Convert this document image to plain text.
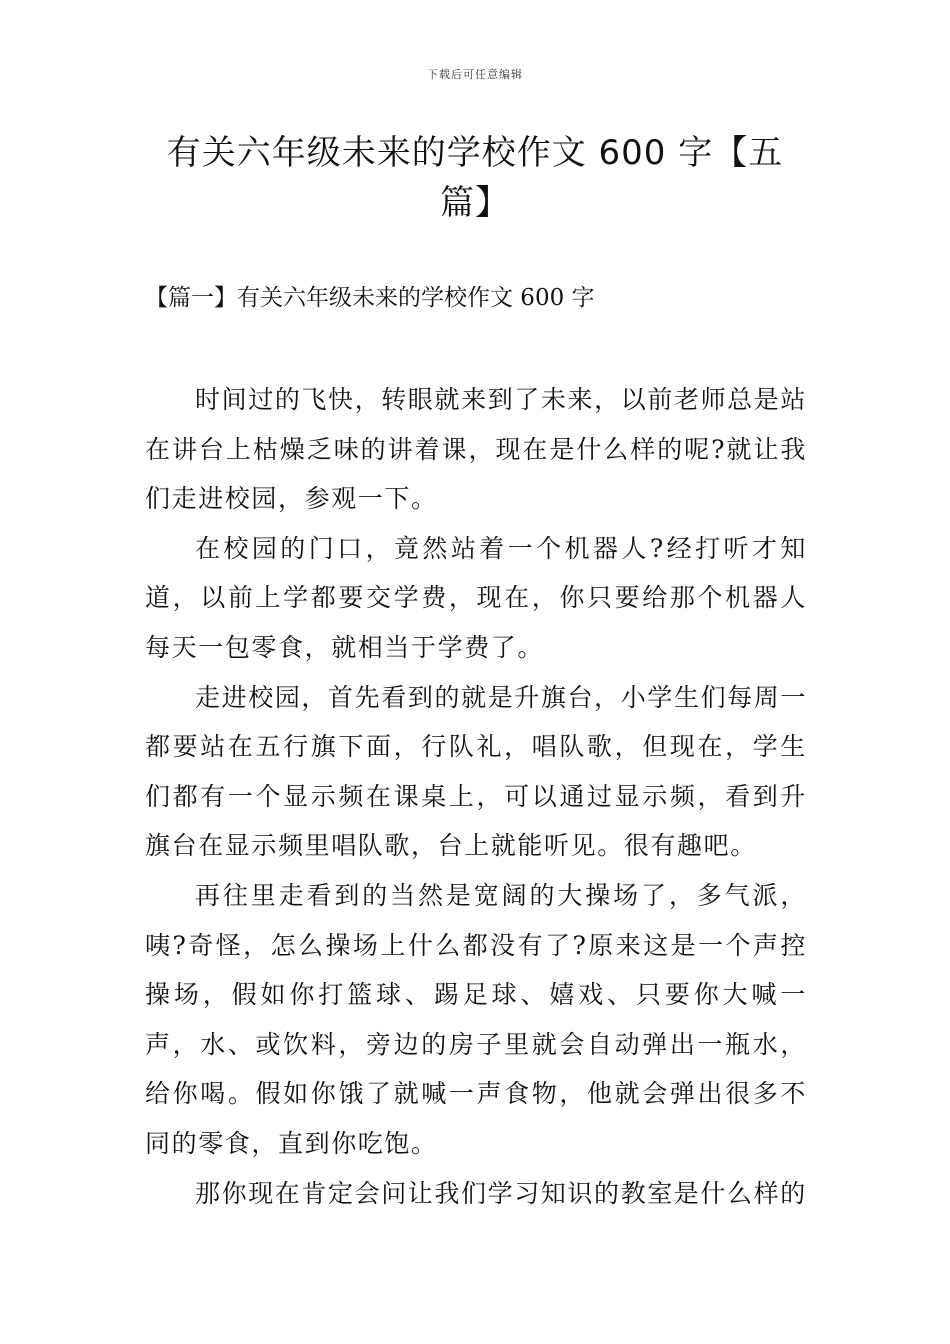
下载后可任意编辑
有关六年级未来的学校作文 600 字【五篇】
【篇一】有关六年级未来的学校作文 600 字

时间过的飞快，转眼就来到了未来，以前老师总是站在讲台上枯燥乏味的讲着课，现在是什么样的呢?就让我们走进校园，参观一下。

在校园的门口，竟然站着一个机器人?经打听才知道，以前上学都要交学费，现在，你只要给那个机器人每天一包零食，就相当于学费了。

走进校园，首先看到的就是升旗台，小学生们每周一都要站在五行旗下面，行队礼，唱队歌，但现在，学生们都有一个显示频在课桌上，可以通过显示频，看到升旗台在显示频里唱队歌，台上就能听见。很有趣吧。

再往里走看到的当然是宽阔的大操场了，多气派，咦?奇怪，怎么操场上什么都没有了?原来这是一个声控操场，假如你打篮球、踢足球、嬉戏、只要你大喊一声，水、或饮料，旁边的房子里就会自动弹出一瓶水，给你喝。假如你饿了就喊一声食物，他就会弹出很多不同的零食，直到你吃饱。

那你现在肯定会问让我们学习知识的教室是什么样的
